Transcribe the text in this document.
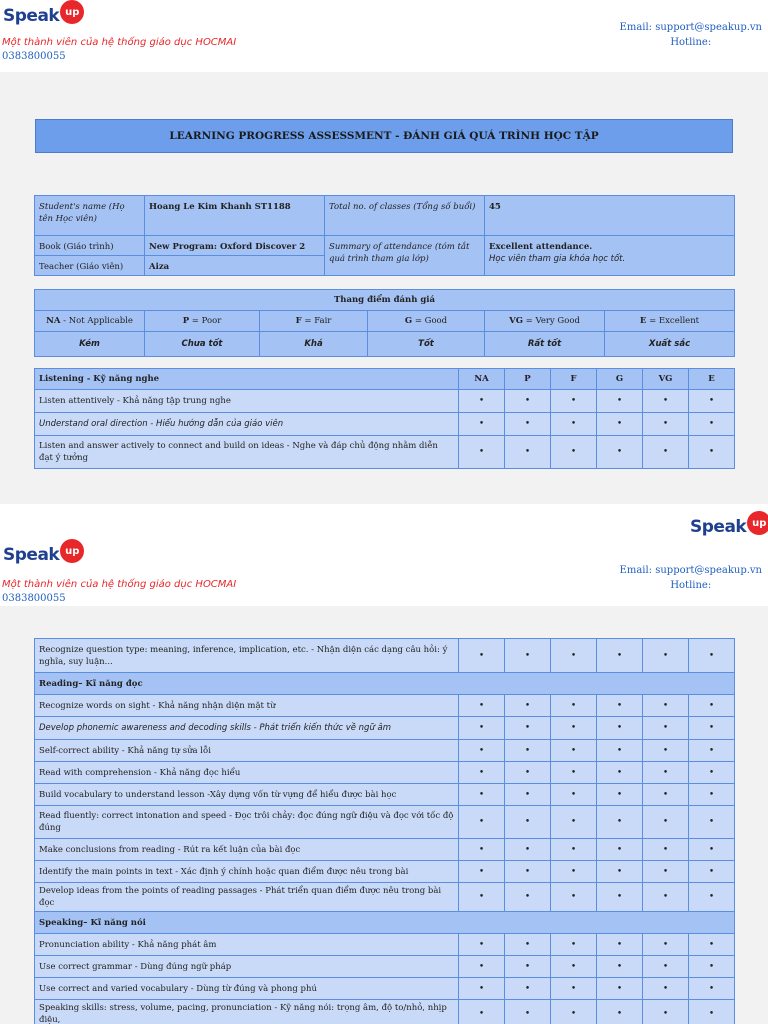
Speak up
Một thành viên của hệ thống giáo dục HOCMAI
0383800055
Email: support@speakup.vn
Hotline:
LEARNING PROGRESS ASSESSMENT - ĐÁNH GIÁ QUÁ TRÌNH HỌC TẬP
Student's name (Họ tên Học viên)	Hoang Le Kim Khanh ST1188	Total no. of classes (Tổng số buổi)	45
Book (Giáo trình)	New Program: Oxford Discover 2	Summary of attendance (tóm tắt quá trình tham gia lớp)	Excellent attendance.
Học viên tham gia khóa học tốt.

Teacher (Giáo viên)	Aiza		
Thang điểm đánh giá					
NA - Not Applicable	P = Poor	F = Fair	G = Good	VG = Very Good	E = Excellent
Kém	Chưa tốt	Khá	Tốt	Rất tốt	Xuất sắc
Listening - Kỹ năng nghe	NA	P	F	G	VG	E
Listen attentively - Khả năng tập trung nghe	•	•	•	•	•	•
Understand oral direction - Hiểu hướng dẫn của giáo viên	•	•	•	•	•	•
Listen and answer actively to connect and build on ideas - Nghe và đáp chủ động nhằm diễn đạt ý tưởng	•	•	•	•	•	•
Speak up
Speak up
Một thành viên của hệ thống giáo dục HOCMAI
0383800055
Email: support@speakup.vn
Hotline:
Recognize question type: meaning, inference, implication, etc. - Nhận diện các dạng câu hỏi: ý nghĩa, suy luận...	•	•	•	•	•	•
Reading– Kĩ năng đọc						
Recognize words on sight - Khả năng nhận diện mặt từ	•	•	•	•	•	•
Develop phonemic awareness and decoding skills - Phát triển kiến thức về ngữ âm	•	•	•	•	•	•
Self-correct ability - Khả năng tự sửa lỗi	•	•	•	•	•	•
Read with comprehension - Khả năng đọc hiểu	•	•	•	•	•	•
Build vocabulary to understand lesson -Xây dựng vốn từ vựng để hiểu được bài học	•	•	•	•	•	•
Read fluently: correct intonation and speed - Đọc trôi chảy: đọc đúng ngữ điệu và đọc với tốc độ đúng	•	•	•	•	•	•
Make conclusions from reading - Rút ra kết luận của bài đọc	•	•	•	•	•	•
Identify the main points in text - Xác định ý chính hoặc quan điểm được nêu trong bài	•	•	•	•	•	•
Develop ideas from the points of reading passages - Phát triển quan điểm được nêu trong bài đọc	•	•	•	•	•	•
Speaking– Kĩ năng nói						
Pronunciation ability - Khả năng phát âm	•	•	•	•	•	•
Use correct grammar - Dùng đúng ngữ pháp	•	•	•	•	•	•
Use correct and varied vocabulary - Dùng từ đúng và phong phú	•	•	•	•	•	•
Speaking skills: stress, volume, pacing, pronunciation - Kỹ năng nói: trọng âm, độ to/nhỏ, nhịp điệu,	•	•	•	•	•	•
